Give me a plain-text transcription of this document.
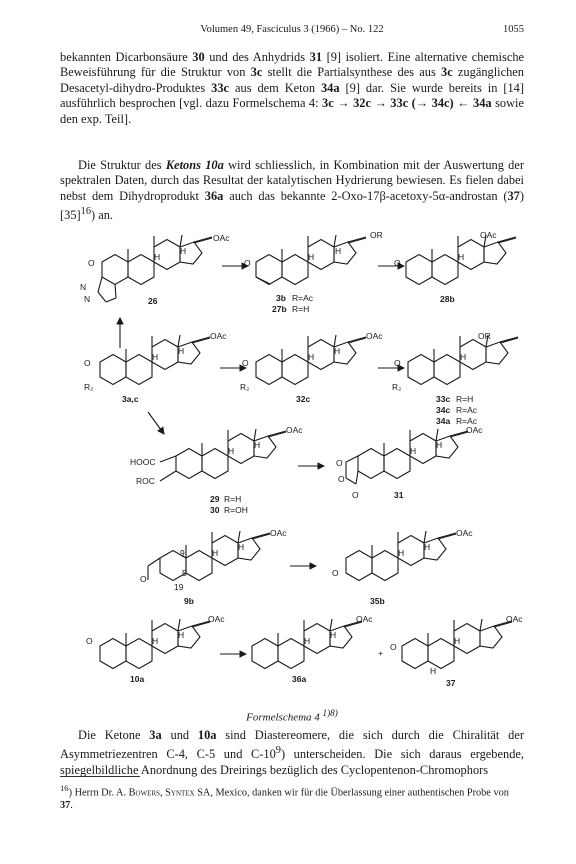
Volumen 49, Fasciculus 3 (1966) – No. 122	1055

bekannten Dicarbonsäure 30 und des Anhydrids 31 [9] isoliert. Eine alternative chemische Beweisführung für die Struktur von 3c stellt die Partialsynthese des aus 3c zugänglichen Desacetyl-dihydro-Produktes 33c aus dem Keton 34a [9] dar. Sie wurde bereits in [14] ausführlich besprochen [vgl. dazu Formelschema 4: 3c → 32c → 33c (→ 34c) ← 34a sowie den exp. Teil].

Die Struktur des Ketons 10a wird schliesslich, in Kombination mit der Auswertung der spektralen Daten, durch das Resultat der katalytischen Hydrierung bewiesen. Es fielen dabei nebst dem Dihydroprodukt 36a auch das bekannte 2-Oxo-17β-acetoxy-5α-androstan (37) $[35]^{16}$) an.

N
N
O
OAc
H
H
26
O
OR
H
H
3b R=Ac
27b R=H
O
OAc
H
28b
O
R₂
OAc
H
H
3a,c
O
R₂
OAc
H
H
32c
O
R₂
OR
H
33c R=H
34c R=Ac
34a R=Ac
HOOC
ROC
OAc
H
H
29 R=H
30 R=OH
O
O
O
OAc
H
H
31
O
OAc
9
5
19
H
H
9b
O
OAc
H
H
35b
O
OAc
H
H
10a
OAc
H
H
36a
+
O
OAc
H
H
37
Formelschema 4 $^{1)8)}$

Die Ketone 3a und 10a sind Diastereomere, die sich durch die Chiralität der Asymmetriezentren C-4, C-5 und $C-10^9$) unterscheiden. Die sich daraus ergebende, spiegelbildliche Anordnung des Dreirings bezüglich des Cyclopentenon-Chromophors

$^{16}$) Herrn Dr. A. Bowers, Syntex SA, Mexico, danken wir für die Überlassung einer authentischen Probe von 37.
